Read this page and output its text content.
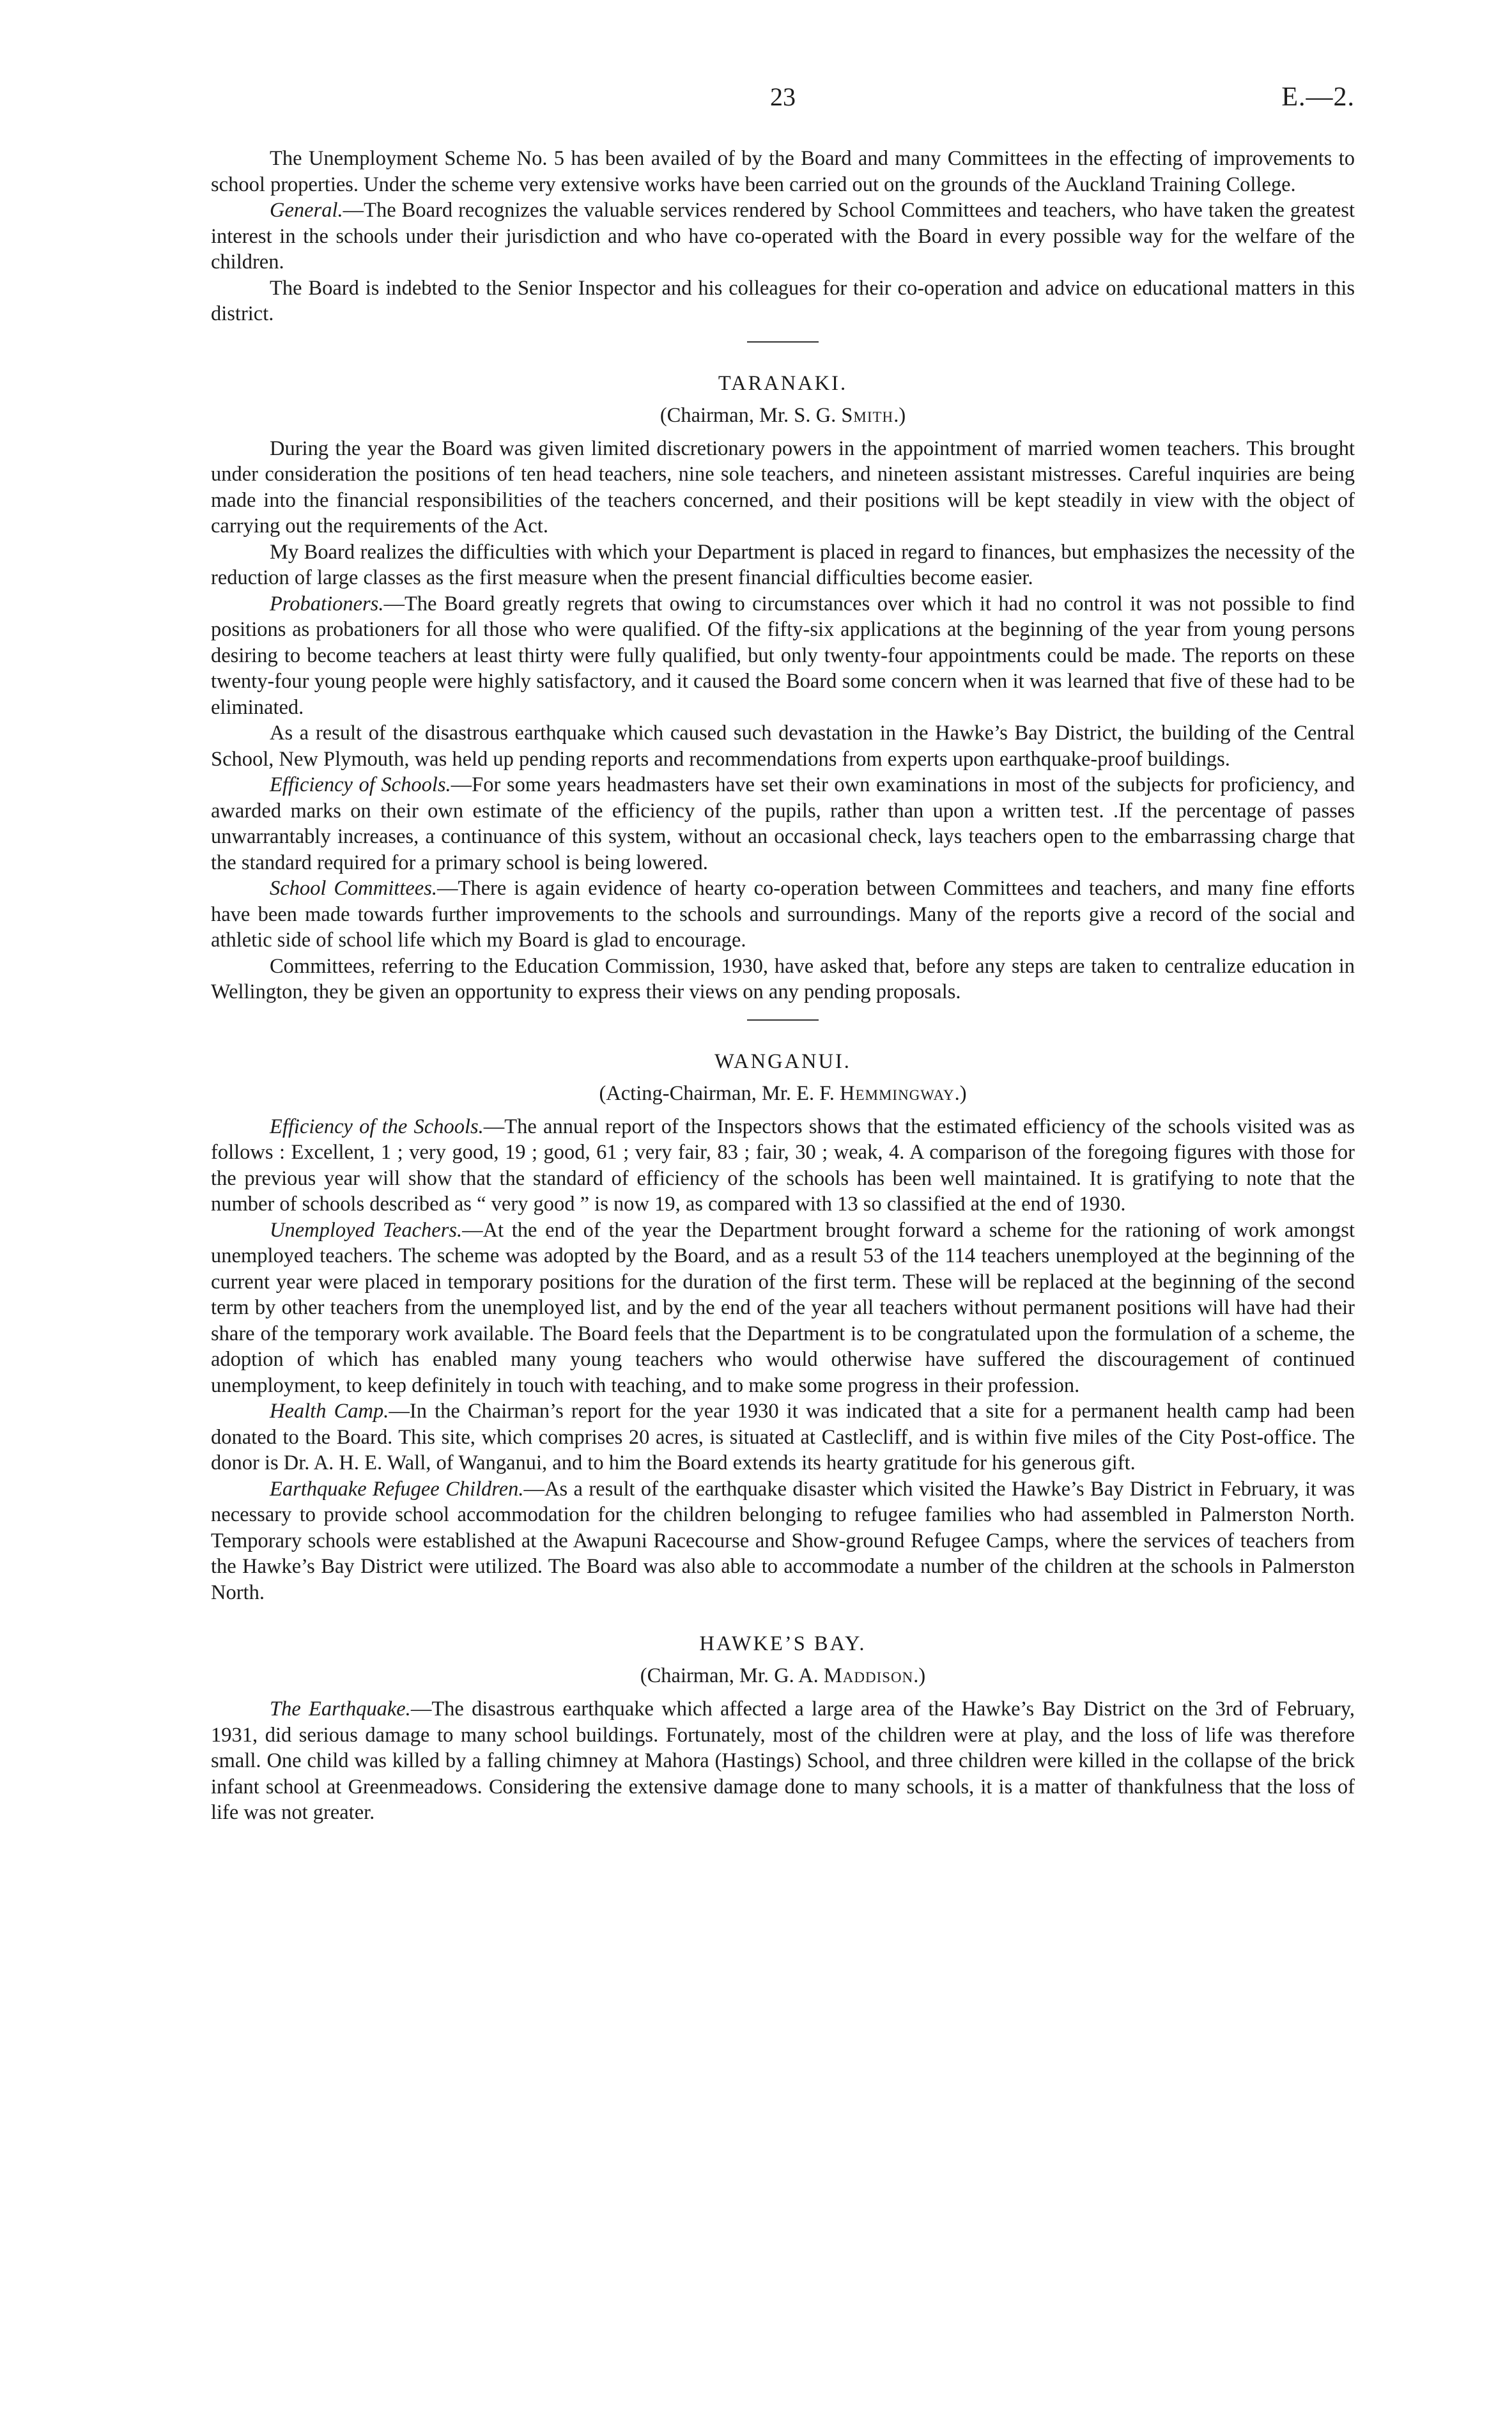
23	E.—2.

The Unemployment Scheme No. 5 has been availed of by the Board and many Committees in the effecting of improvements to school properties. Under the scheme very extensive works have been carried out on the grounds of the Auckland Training College.

General.—The Board recognizes the valuable services rendered by School Committees and teachers, who have taken the greatest interest in the schools under their jurisdiction and who have co-operated with the Board in every possible way for the welfare of the children.

The Board is indebted to the Senior Inspector and his colleagues for their co-operation and advice on educational matters in this district.

TARANAKI.
(Chairman, Mr. S. G. Smith.)

During the year the Board was given limited discretionary powers in the appointment of married women teachers. This brought under consideration the positions of ten head teachers, nine sole teachers, and nineteen assistant mistresses. Careful inquiries are being made into the financial responsibilities of the teachers concerned, and their positions will be kept steadily in view with the object of carrying out the requirements of the Act.

My Board realizes the difficulties with which your Department is placed in regard to finances, but emphasizes the necessity of the reduction of large classes as the first measure when the present financial difficulties become easier.

Probationers.—The Board greatly regrets that owing to circumstances over which it had no control it was not possible to find positions as probationers for all those who were qualified. Of the fifty-six applications at the beginning of the year from young persons desiring to become teachers at least thirty were fully qualified, but only twenty-four appointments could be made. The reports on these twenty-four young people were highly satisfactory, and it caused the Board some concern when it was learned that five of these had to be eliminated.

As a result of the disastrous earthquake which caused such devastation in the Hawke’s Bay District, the building of the Central School, New Plymouth, was held up pending reports and recommendations from experts upon earthquake-proof buildings.

Efficiency of Schools.—For some years headmasters have set their own examinations in most of the subjects for proficiency, and awarded marks on their own estimate of the efficiency of the pupils, rather than upon a written test. .If the percentage of passes unwarrantably increases, a continuance of this system, without an occasional check, lays teachers open to the embarrassing charge that the standard required for a primary school is being lowered.

School Committees.—There is again evidence of hearty co-operation between Committees and teachers, and many fine efforts have been made towards further improvements to the schools and surroundings. Many of the reports give a record of the social and athletic side of school life which my Board is glad to encourage.

Committees, referring to the Education Commission, 1930, have asked that, before any steps are taken to centralize education in Wellington, they be given an opportunity to express their views on any pending proposals.

WANGANUI.
(Acting-Chairman, Mr. E. F. Hemmingway.)

Efficiency of the Schools.—The annual report of the Inspectors shows that the estimated efficiency of the schools visited was as follows : Excellent, 1 ; very good, 19 ; good, 61 ; very fair, 83 ; fair, 30 ; weak, 4. A comparison of the foregoing figures with those for the previous year will show that the standard of efficiency of the schools has been well maintained. It is gratifying to note that the number of schools described as “ very good ” is now 19, as compared with 13 so classified at the end of 1930.

Unemployed Teachers.—At the end of the year the Department brought forward a scheme for the rationing of work amongst unemployed teachers. The scheme was adopted by the Board, and as a result 53 of the 114 teachers unemployed at the beginning of the current year were placed in temporary positions for the duration of the first term. These will be replaced at the beginning of the second term by other teachers from the unemployed list, and by the end of the year all teachers without permanent positions will have had their share of the temporary work available. The Board feels that the Department is to be congratulated upon the formulation of a scheme, the adoption of which has enabled many young teachers who would otherwise have suffered the discouragement of continued unemployment, to keep definitely in touch with teaching, and to make some progress in their profession.

Health Camp.—In the Chairman’s report for the year 1930 it was indicated that a site for a permanent health camp had been donated to the Board. This site, which comprises 20 acres, is situated at Castlecliff, and is within five miles of the City Post-office. The donor is Dr. A. H. E. Wall, of Wanganui, and to him the Board extends its hearty gratitude for his generous gift.

Earthquake Refugee Children.—As a result of the earthquake disaster which visited the Hawke’s Bay District in February, it was necessary to provide school accommodation for the children belonging to refugee families who had assembled in Palmerston North. Temporary schools were established at the Awapuni Racecourse and Show-ground Refugee Camps, where the services of teachers from the Hawke’s Bay District were utilized. The Board was also able to accommodate a number of the children at the schools in Palmerston North.

HAWKE’S BAY.
(Chairman, Mr. G. A. Maddison.)

The Earthquake.—The disastrous earthquake which affected a large area of the Hawke’s Bay District on the 3rd of February, 1931, did serious damage to many school buildings. Fortunately, most of the children were at play, and the loss of life was therefore small. One child was killed by a falling chimney at Mahora (Hastings) School, and three children were killed in the collapse of the brick infant school at Greenmeadows. Considering the extensive damage done to many schools, it is a matter of thankfulness that the loss of life was not greater.
